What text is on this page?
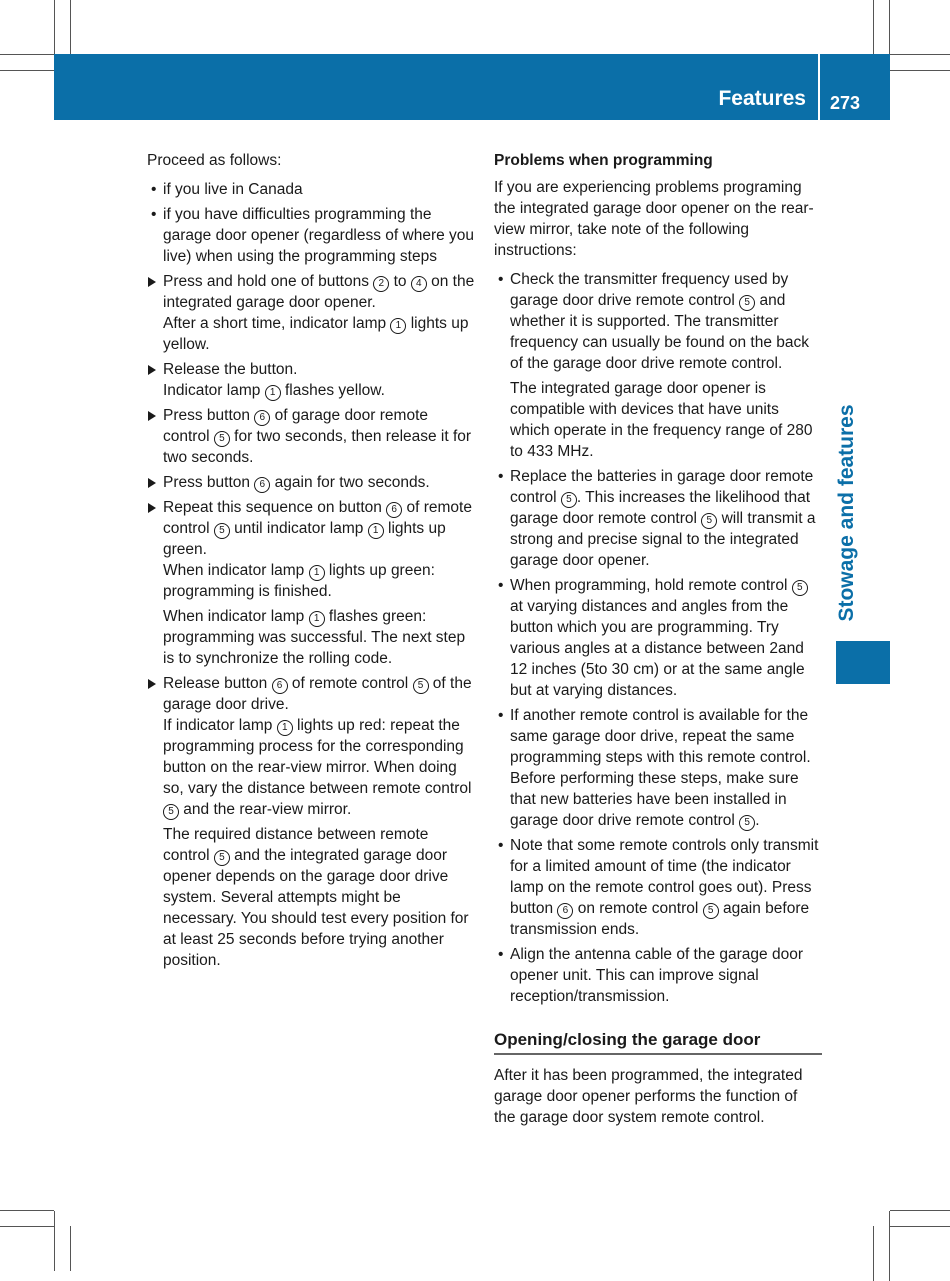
Features 273
Stowage and features

Proceed as follows:

• if you live in Canada
• if you have difficulties programming the garage door opener (regardless of where you live) when using the programming steps
Press and hold one of buttons 2 to 4 on the integrated garage door opener.
After a short time, indicator lamp 1 lights up yellow.
Release the button.
Indicator lamp 1 flashes yellow.
Press button 6 of garage door remote control 5 for two seconds, then release it for two seconds.
Press button 6 again for two seconds.
Repeat this sequence on button 6 of remote control 5 until indicator lamp 1 lights up green.
When indicator lamp 1 lights up green: programming is finished.

When indicator lamp 1 flashes green: programming was successful. The next step is to synchronize the rolling code.

Release button 6 of remote control 5 of the garage door drive.
If indicator lamp 1 lights up red: repeat the programming process for the corresponding button on the rear-view mirror. When doing so, vary the distance between remote control 5 and the rear-view mirror.

The required distance between remote control 5 and the integrated garage door opener depends on the garage door drive system. Several attempts might be necessary. You should test every position for at least 25 seconds before trying another position.

Problems when programming

If you are experiencing problems programing the integrated garage door opener on the rear-view mirror, take note of the following instructions:

• Check the transmitter frequency used by garage door drive remote control 5 and whether it is supported. The transmitter frequency can usually be found on the back of the garage door drive remote control.

The integrated garage door opener is compatible with devices that have units which operate in the frequency range of 280 to 433 MHz.

• Replace the batteries in garage door remote control 5 . This increases the likelihood that garage door remote control 5 will transmit a strong and precise signal to the integrated garage door opener.
• When programming, hold remote control 5 at varying distances and angles from the button which you are programming. Try various angles at a distance between 2and 12 inches (5to 30 cm) or at the same angle but at varying distances.
• If another remote control is available for the same garage door drive, repeat the same programming steps with this remote control. Before performing these steps, make sure that new batteries have been installed in garage door drive remote control 5 .
• Note that some remote controls only transmit for a limited amount of time (the indicator lamp on the remote control goes out). Press button 6 on remote control 5 again before transmission ends.
• Align the antenna cable of the garage door opener unit. This can improve signal reception/transmission.
Opening/closing the garage door

After it has been programmed, the integrated garage door opener performs the function of the garage door system remote control.
